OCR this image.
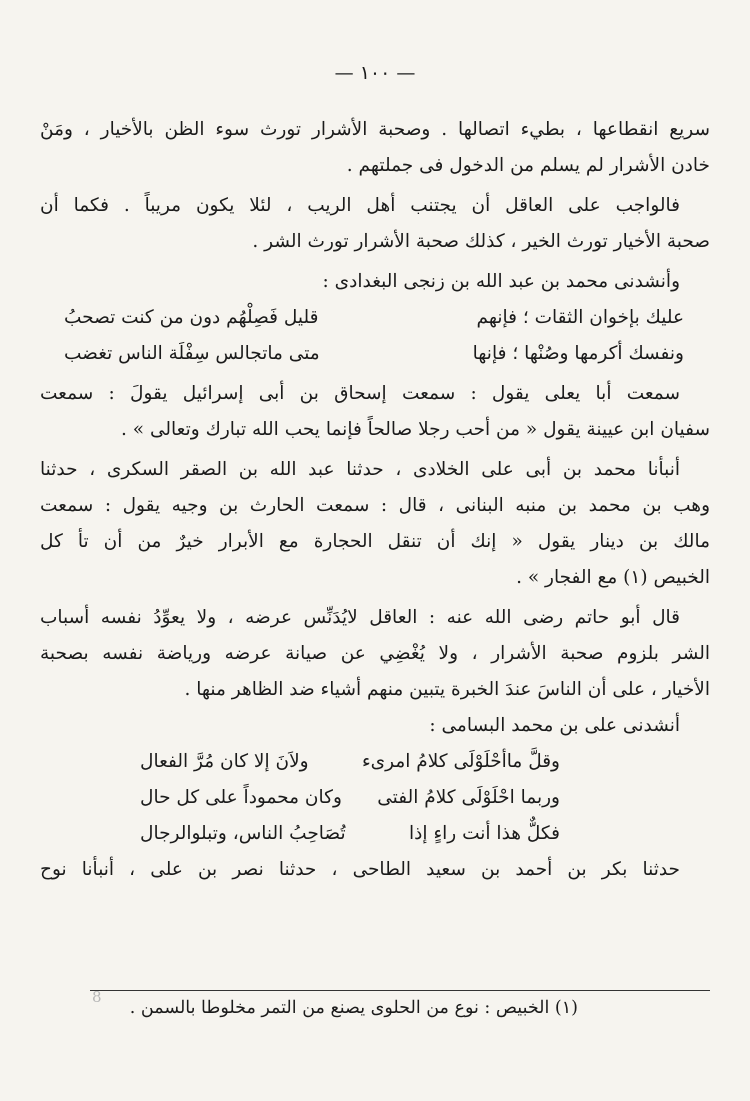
— ١٠٠ —
سريع انقطاعها ، بطيء اتصالها . وصحبة الأشرار تورث سوء الظن بالأخيار ، ومَنْ
خادن الأشرار لم يسلم من الدخول فى جملتهم .
فالواجب على العاقل أن يجتنب أهل الريب ، لئلا يكون مريباً . فكما أن
صحبة الأخيار تورث الخير ، كذلك صحبة الأشرار تورث الشر .
وأنشدنى محمد بن عبد الله بن زنجى البغدادى :
عليك بإخوان الثقات ؛ فإنهم
قليل فَصِلْهُم دون من كنت تصحبُ
ونفسك أكرمها وصُنْها ؛ فإنها
متى ماتجالس سِفْلَة الناس تغضب
سمعت أبا يعلى يقول : سمعت إسحاق بن أبى إسرائيل يقولَ : سمعت
سفيان ابن عيينة يقول « من أحب رجلا صالحاً فإنما يحب الله تبارك وتعالى » .
أنبأنا محمد بن أبى على الخلادى ، حدثنا عبد الله بن الصقر السكرى ، حدثنا
وهب بن محمد بن منبه البنانى ، قال : سمعت الحارث بن وجيه يقول : سمعت
مالك بن دينار يقول « إنك أن تنقل الحجارة مع الأبرار خيرٌ من أن تأ كل
الخبيص (١) مع الفجار » .
قال أبو حاتم رضى الله عنه : العاقل لايُدَنِّس عرضه ، ولا يعوِّدُ نفسه أسباب
الشر بلزوم صحبة الأشرار ، ولا يُغْضِي عن صيانة عرضه ورياضة نفسه بصحبة
الأخيار ، على أن الناسَ عندَ الخبرة يتبين منهم أشياء ضد الظاهر منها .
أنشدنى على بن محمد البسامى :
وقلَّ ماأحْلَوْلَى كلامُ امرىء
ولاَنَ إلا كان مُرَّ الفعال
وربما احْلَوْلَى كلامُ الفتى
وكان محموداً على كل حال
فكلٌّ هذا أنت راءٍ إذا
تُصَاحِبُ الناس، وتبلوالرجال
حدثنا بكر بن أحمد بن سعيد الطاحى ، حدثنا نصر بن على ، أنبأنا نوح
(١) الخبيص : نوع من الحلوى يصنع من التمر مخلوطا بالسمن .
8
